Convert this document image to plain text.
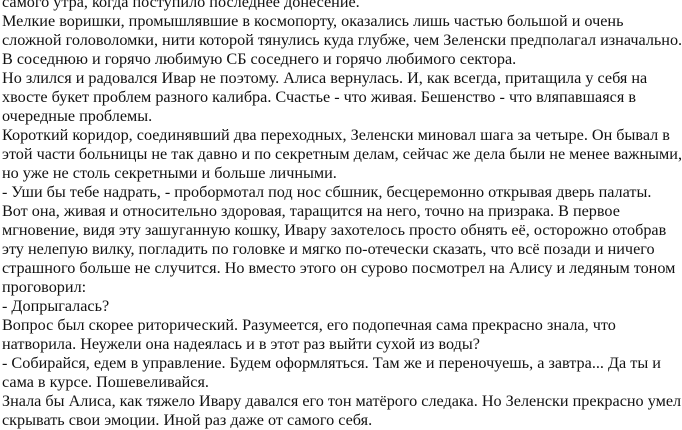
самого утра, когда поступило последнее донесение.
Мелкие воришки, промышлявшие в космопорту, оказались лишь частью большой и очень
сложной головоломки, нити которой тянулись куда глубже, чем Зеленски предполагал изначально.
В соседнюю и горячо любимую СБ соседнего и горячо любимого сектора.
Но злился и радовался Ивар не поэтому. Алиса вернулась. И, как всегда, притащила у себя на
хвосте букет проблем разного калибра. Счастье - что живая. Бешенство - что вляпавшаяся в
очередные проблемы.
Короткий коридор, соединявший два переходных, Зеленски миновал шага за четыре. Он бывал в
этой части больницы не так давно и по секретным делам, сейчас же дела были не менее важными,
но уже не столь секретными и больше личными.
- Уши бы тебе надрать, - пробормотал под нос сбшник, бесцеремонно открывая дверь палаты.
Вот она, живая и относительно здоровая, таращится на него, точно на призрака. В первое
мгновение, видя эту зашуганную кошку, Ивару захотелось просто обнять её, осторожно отобрав
эту нелепую вилку, погладить по головке и мягко по-отечески сказать, что всё позади и ничего
страшного больше не случится. Но вместо этого он сурово посмотрел на Алису и ледяным тоном
проговорил:
- Допрыгалась?
Вопрос был скорее риторический. Разумеется, его подопечная сама прекрасно знала, что
натворила. Неужели она надеялась и в этот раз выйти сухой из воды?
- Собирайся, едем в управление. Будем оформляться. Там же и переночуешь, а завтра... Да ты и
сама в курсе. Пошевеливайся.
Знала бы Алиса, как тяжело Ивару давался его тон матёрого следака. Но Зеленски прекрасно умел
скрывать свои эмоции. Иной раз даже от самого себя.
